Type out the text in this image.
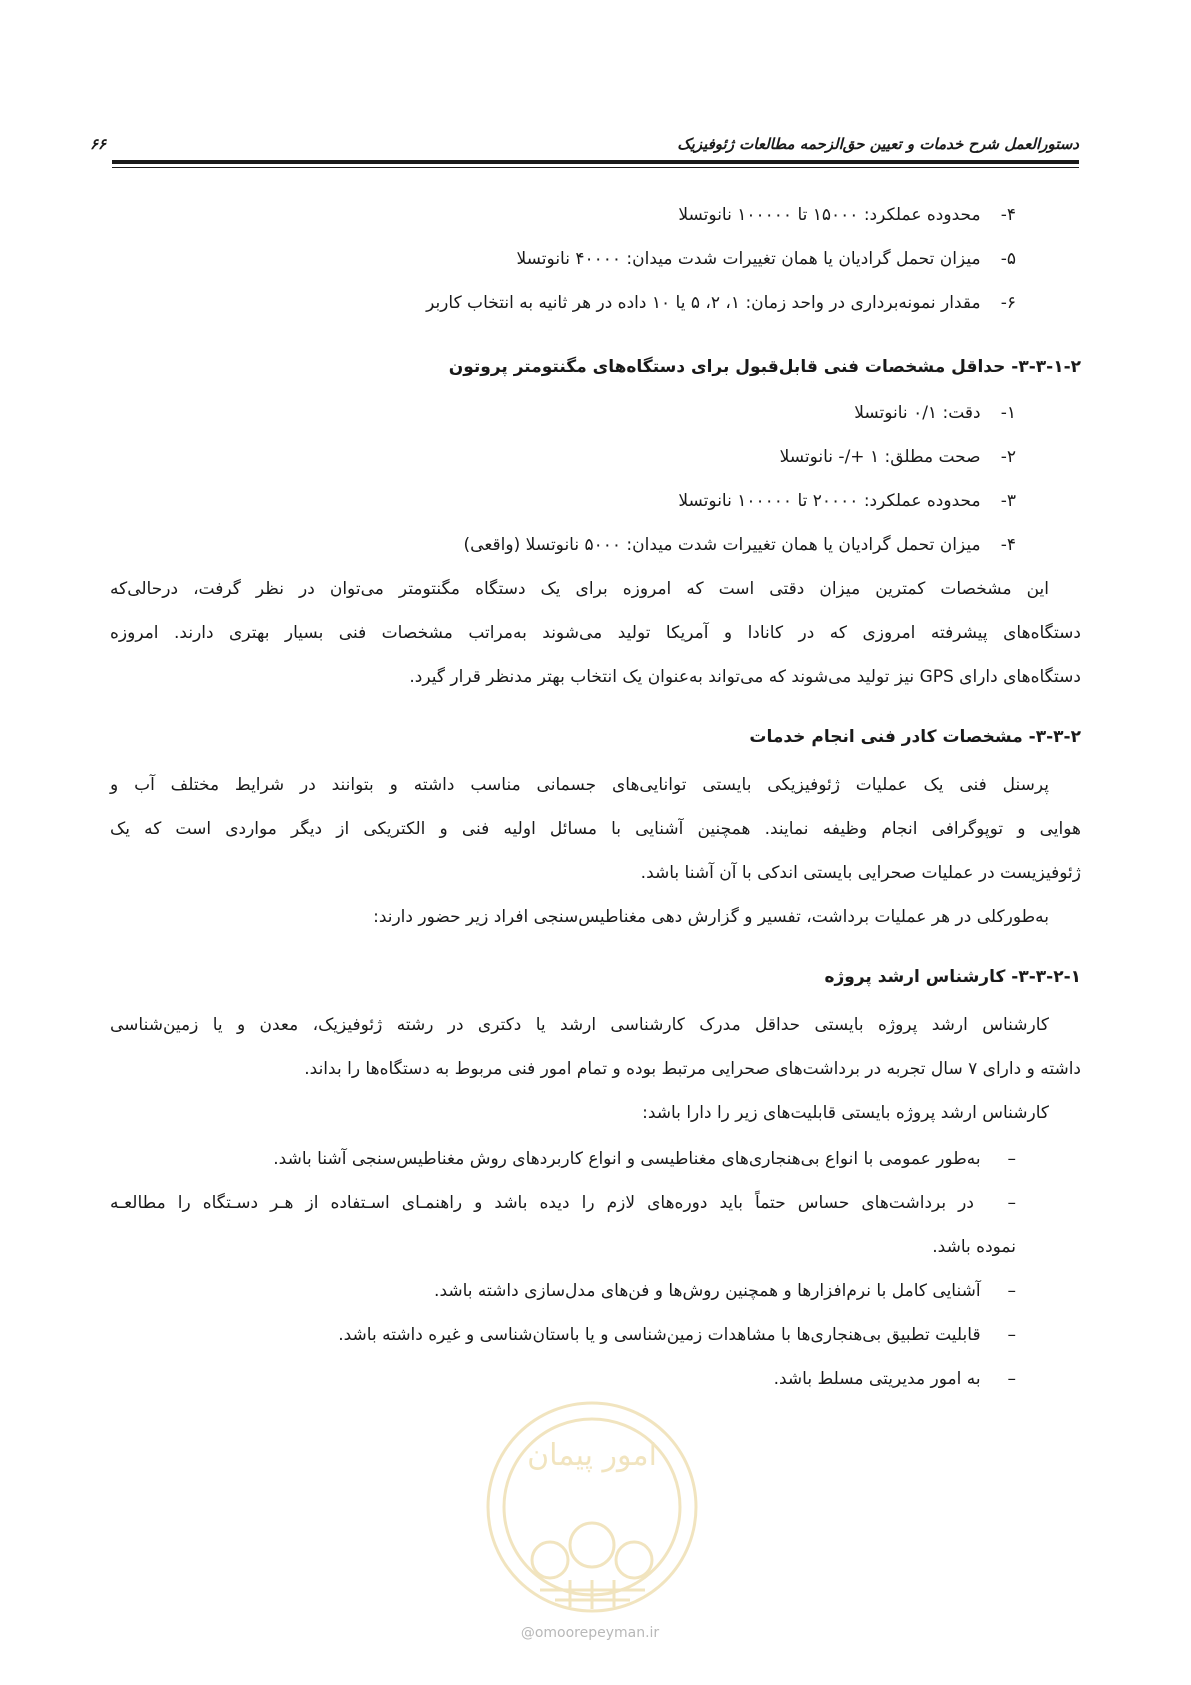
دستورالعمل شرح خدمات و تعیین حق‌الزحمه مطالعات ژئوفیزیک
۶۶
۴- محدوده عملکرد: ۱۵۰۰۰ تا ۱۰۰۰۰۰ نانوتسلا
۵- میزان تحمل گرادیان یا همان تغییرات شدت میدان: ۴۰۰۰۰ نانوتسلا
۶- مقدار نمونه‌برداری در واحد زمان: ۱، ۲، ۵ یا ۱۰ داده در هر ثانیه به انتخاب کاربر
۳-۳-۱-۲- حداقل مشخصات فنی قابل‌قبول برای دستگاه‌های مگنتومتر پروتون
۱- دقت: ۰/۱ نانوتسلا
۲- صحت مطلق: ۱ +/- نانوتسلا
۳- محدوده عملکرد: ۲۰۰۰۰ تا ۱۰۰۰۰۰ نانوتسلا
۴- میزان تحمل گرادیان یا همان تغییرات شدت میدان: ۵۰۰۰ نانوتسلا (واقعی)
این مشخصات کمترین میزان دقتی است که امروزه برای یک دستگاه مگنتومتر می‌توان در نظر گرفت، درحالی‌که
دستگاه‌های پیشرفته امروزی که در کانادا و آمریکا تولید می‌شوند به‌مراتب مشخصات فنی بسیار بهتری دارند. امروزه
دستگاه‌های دارای GPS نیز تولید می‌شوند که می‌تواند به‌عنوان یک انتخاب بهتر مدنظر قرار گیرد.
۳-۳-۲- مشخصات کادر فنی انجام خدمات
پرسنل فنی یک عملیات ژئوفیزیکی بایستی توانایی‌های جسمانی مناسب داشته و بتوانند در شرایط مختلف آب و
هوایی و توپوگرافی انجام وظیفه نمایند. همچنین آشنایی با مسائل اولیه فنی و الکتریکی از دیگر مواردی است که یک
ژئوفیزیست در عملیات صحرایی بایستی اندکی با آن آشنا باشد.
به‌طورکلی در هر عملیات برداشت، تفسیر و گزارش دهی مغناطیس‌سنجی افراد زیر حضور دارند:
۳-۳-۲-۱- کارشناس ارشد پروژه
کارشناس ارشد پروژه بایستی حداقل مدرک کارشناسی ارشد یا دکتری در رشته ژئوفیزیک، معدن و یا زمین‌شناسی
داشته و دارای ۷ سال تجربه در برداشت‌های صحرایی مرتبط بوده و تمام امور فنی مربوط به دستگاه‌ها را بداند.
کارشناس ارشد پروژه بایستی قابلیت‌های زیر را دارا باشد:
– به‌طور عمومی با انواع بی‌هنجاری‌های مغناطیسی و انواع کاربردهای روش مغناطیس‌سنجی آشنا باشد.
– در برداشت‌های حساس حتماً باید دوره‌های لازم را دیده باشد و راهنمـای اسـتفاده از هـر دسـتگاه را مطالعـه
نموده باشد.
– آشنایی کامل با نرم‌افزارها و همچنین روش‌ها و فن‌های مدل‌سازی داشته باشد.
– قابلیت تطبیق بی‌هنجاری‌ها با مشاهدات زمین‌شناسی و یا باستان‌شناسی و غیره داشته باشد.
– به امور مدیریتی مسلط باشد.
امور پیمان
@omoorepeyman.ir
